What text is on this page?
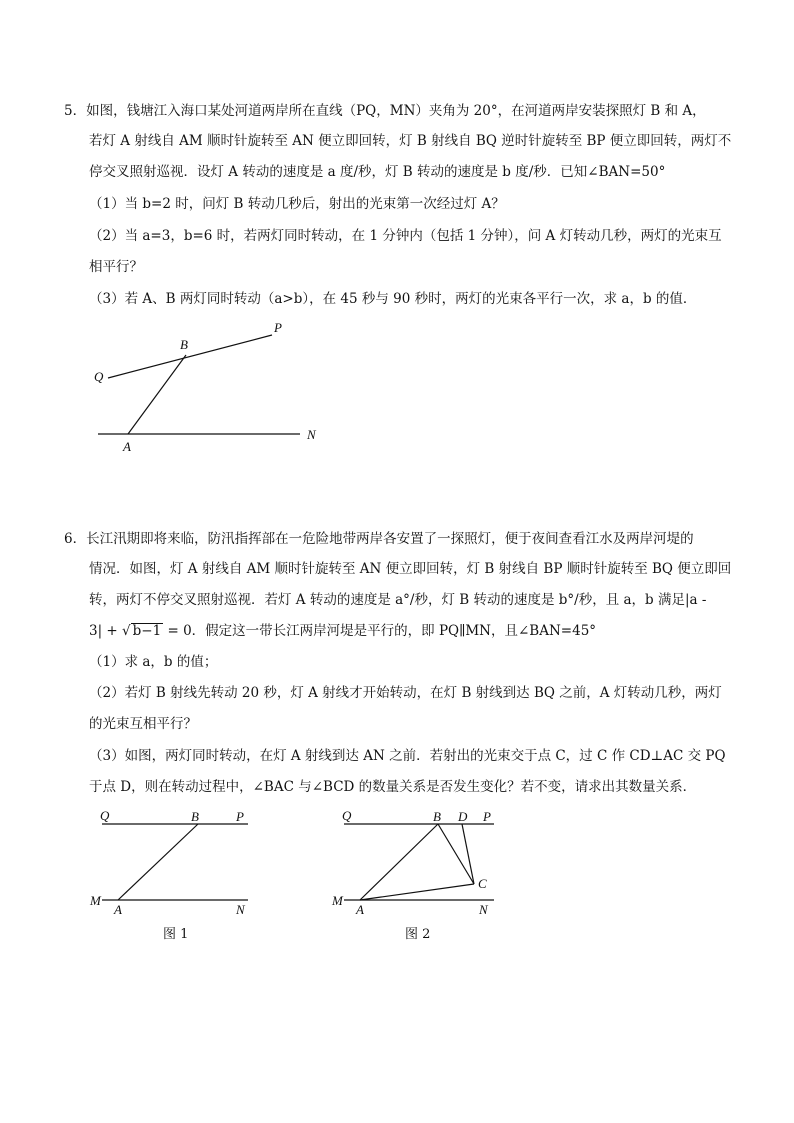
5．如图，钱塘江入海口某处河道两岸所在直线（PQ，MN）夹角为 20°，在河道两岸安装探照灯 B 和 A，
若灯 A 射线自 AM 顺时针旋转至 AN 便立即回转，灯 B 射线自 BQ 逆时针旋转至 BP 便立即回转，两灯不
停交叉照射巡视．设灯 A 转动的速度是 a 度/秒，灯 B 转动的速度是 b 度/秒．已知∠BAN=50°
（1）当 b=2 时，问灯 B 转动几秒后，射出的光束第一次经过灯 A？
（2）当 a=3，b=6 时，若两灯同时转动，在 1 分钟内（包括 1 分钟），问 A 灯转动几秒，两灯的光束互
相平行？
（3）若 A、B 两灯同时转动（a>b），在 45 秒与 90 秒时，两灯的光束各平行一次，求 a，b 的值．
P
B
Q
A
N
6．长江汛期即将来临，防汛指挥部在一危险地带两岸各安置了一探照灯，便于夜间查看江水及两岸河堤的
情况．如图，灯 A 射线自 AM 顺时针旋转至 AN 便立即回转，灯 B 射线自 BP 顺时针旋转至 BQ 便立即回
转，两灯不停交叉照射巡视．若灯 A 转动的速度是 a°/秒，灯 B 转动的速度是 b°/秒，且 a，b 满足|a -
3| + √ b−1 = 0．假定这一带长江两岸河堤是平行的，即 PQ∥MN，且∠BAN=45°
（1）求 a，b 的值；
（2）若灯 B 射线先转动 20 秒，灯 A 射线才开始转动，在灯 B 射线到达 BQ 之前，A 灯转动几秒，两灯
的光束互相平行？
（3）如图，两灯同时转动，在灯 A 射线到达 AN 之前．若射出的光束交于点 C，过 C 作 CD⊥AC 交 PQ
于点 D，则在转动过程中，∠BAC 与∠BCD 的数量关系是否发生变化？若不变，请求出其数量关系．
Q	B	P
M
A	N
图 1
Q	B D P
C
M
A	N
图 2
